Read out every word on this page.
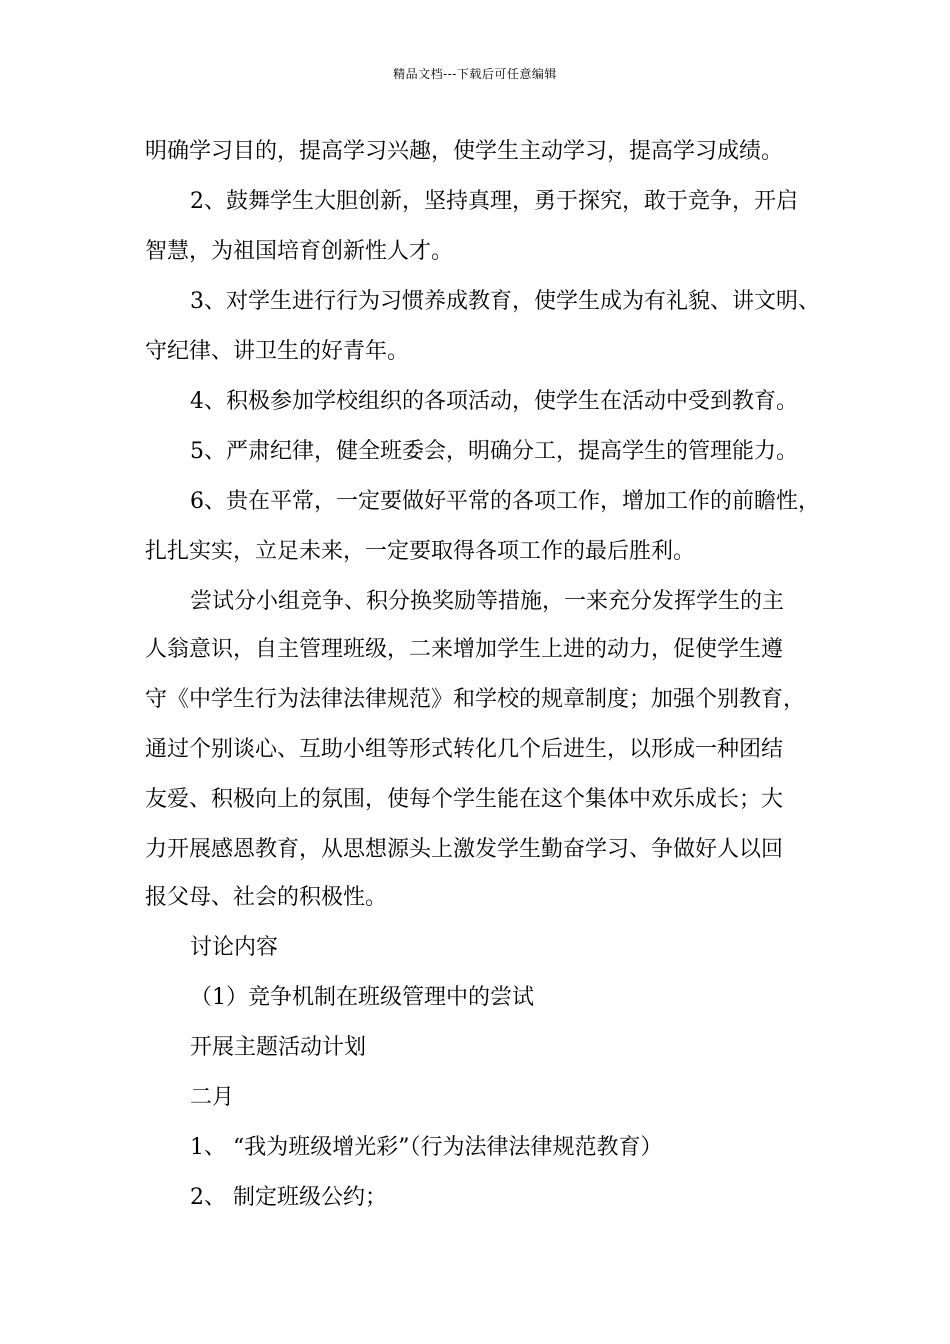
精品文档---下载后可任意编辑
明确学习目的，提高学习兴趣，使学生主动学习，提高学习成绩。
2、鼓舞学生大胆创新，坚持真理，勇于探究，敢于竞争，开启
智慧，为祖国培育创新性人才。
3、对学生进行行为习惯养成教育，使学生成为有礼貌、讲文明、
守纪律、讲卫生的好青年。
4、积极参加学校组织的各项活动，使学生在活动中受到教育。
5、严肃纪律，健全班委会，明确分工，提高学生的管理能力。
6、贵在平常，一定要做好平常的各项工作，增加工作的前瞻性，
扎扎实实，立足未来，一定要取得各项工作的最后胜利。
尝试分小组竞争、积分换奖励等措施，一来充分发挥学生的主
人翁意识，自主管理班级，二来增加学生上进的动力，促使学生遵
守《中学生行为法律法律规范》和学校的规章制度；加强个别教育，
通过个别谈心、互助小组等形式转化几个后进生，以形成一种团结
友爱、积极向上的氛围，使每个学生能在这个集体中欢乐成长；大
力开展感恩教育，从思想源头上激发学生勤奋学习、争做好人以回
报父母、社会的积极性。
讨论内容
（1）竞争机制在班级管理中的尝试
开展主题活动计划
二月
1、 “我为班级增光彩”（行为法律法律规范教育）
2、 制定班级公约；
